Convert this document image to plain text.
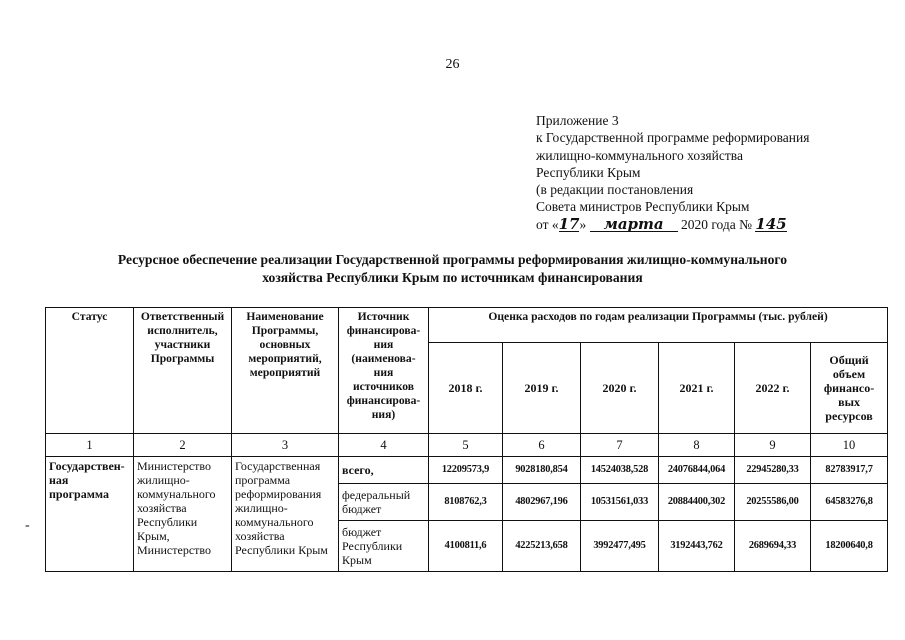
26
Приложение 3
к Государственной программе реформирования
жилищно-коммунального хозяйства
Республики Крым
(в редакции постановления
Совета министров Республики Крым
от «17» марта 2020 года № 145
Ресурсное обеспечение реализации Государственной программы реформирования жилищно-коммунального
хозяйства Республики Крым по источникам финансирования
-
Статус	Ответственный исполнитель, участники Программы	Наименование Программы, основных мероприятий, мероприятий	Источник финансирова-ния (наименова-ния источников финансирова-ния)	Оценка расходов по годам реализации Программы (тыс. рублей)					
				2018 г.	2019 г.	2020 г.	2021 г.	2022 г.	Общий объем финансо-вых ресурсов
1	2	3	4	5	6	7	8	9	10
Государствен-ная программа	Министерство жилищно-коммунального хозяйства Республики Крым, Министерство	Государственная программа реформирования жилищно-коммунального хозяйства Республики Крым	всего,	12209573,9	9028180,854	14524038,528	24076844,064	22945280,33	82783917,7
			федеральный бюджет	8108762,3	4802967,196	10531561,033	20884400,302	20255586,00	64583276,8
			бюджет Республики Крым	4100811,6	4225213,658	3992477,495	3192443,762	2689694,33	18200640,8
